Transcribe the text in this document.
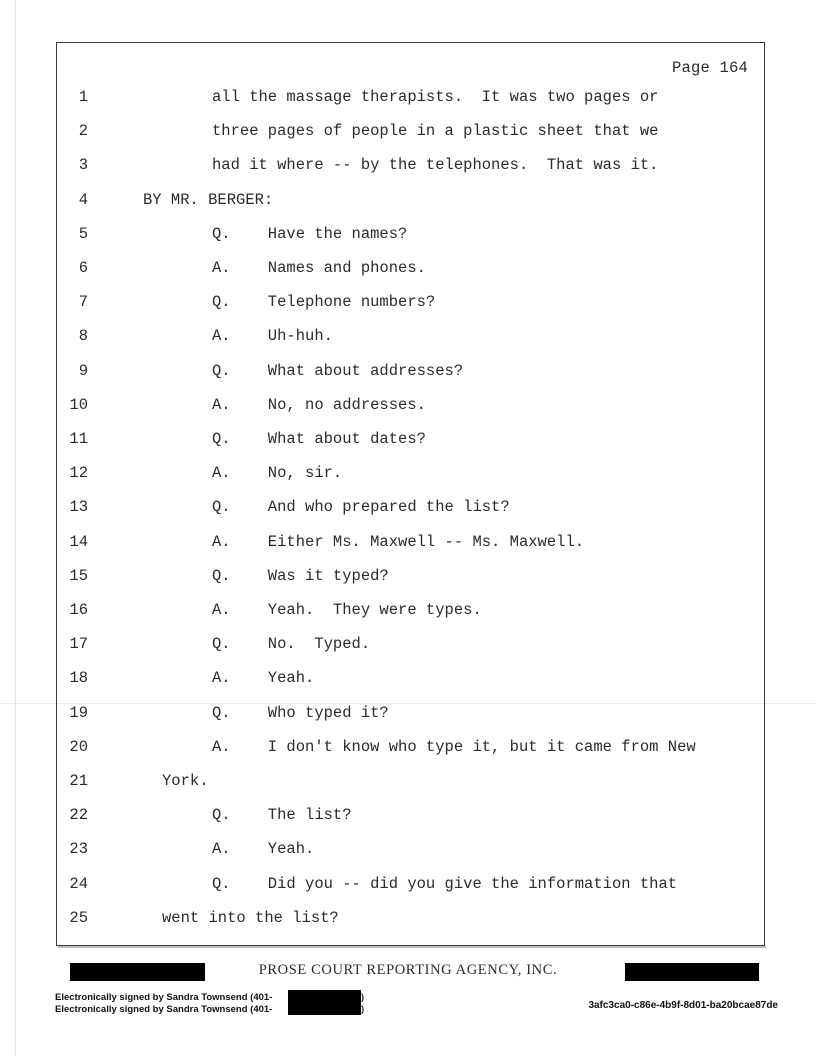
Page 164
1	all the massage therapists.  It was two pages or
2	three pages of people in a plastic sheet that we
3	had it where -- by the telephones.  That was it.
4	BY MR. BERGER:
5	Q.    Have the names?
6	A.    Names and phones.
7	Q.    Telephone numbers?
8	A.    Uh-huh.
9	Q.    What about addresses?
10	A.    No, no addresses.
11	Q.    What about dates?
12	A.    No, sir.
13	Q.    And who prepared the list?
14	A.    Either Ms. Maxwell -- Ms. Maxwell.
15	Q.    Was it typed?
16	A.    Yeah.  They were types.
17	Q.    No.  Typed.
18	A.    Yeah.
19	Q.    Who typed it?
20	A.    I don't know who type it, but it came from New
21	York.
22	Q.    The list?
23	A.    Yeah.
24	Q.    Did you -- did you give the information that
25	went into the list?
PROSE COURT REPORTING AGENCY, INC.
Electronically signed by Sandra Townsend (401-	)
Electronically signed by Sandra Townsend (401-	)	3afc3ca0-c86e-4b9f-8d01-ba20bcae87de
